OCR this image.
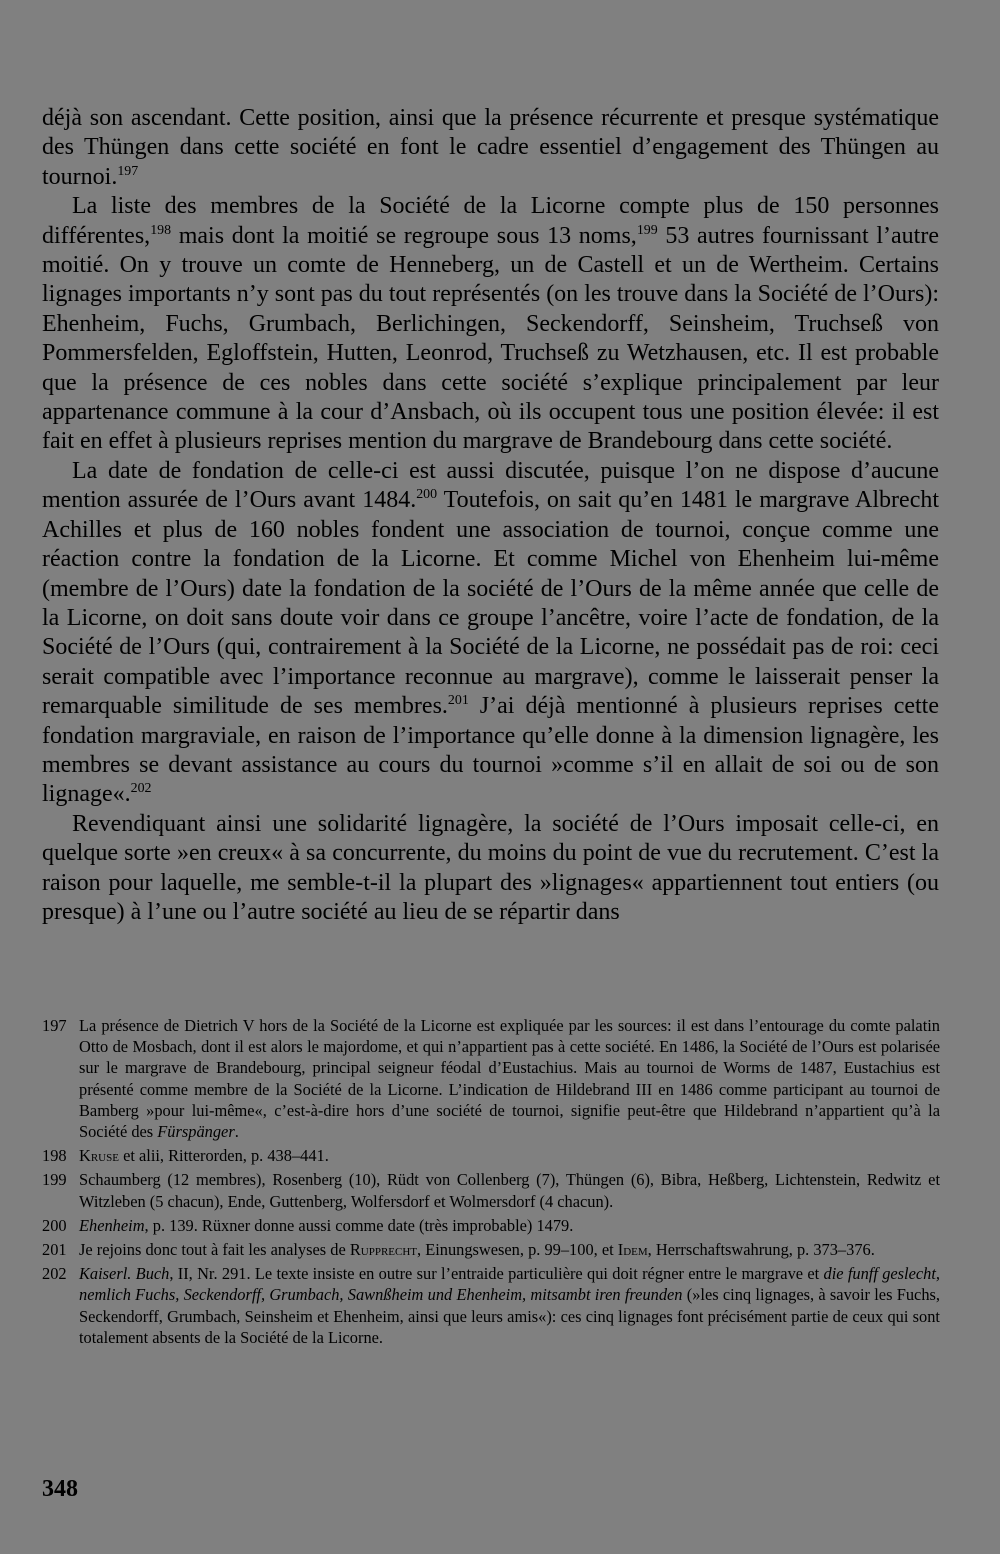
déjà son ascendant. Cette position, ainsi que la présence récurrente et presque systématique des Thüngen dans cette société en font le cadre essentiel d’engagement des Thüngen au tournoi.$^{197}$

La liste des membres de la Société de la Licorne compte plus de 150 personnes différentes,$^{198}$ mais dont la moitié se regroupe sous 13 noms,$^{199}$ 53 autres fournissant l’autre moitié. On y trouve un comte de Henneberg, un de Castell et un de Wertheim. Certains lignages importants n’y sont pas du tout représentés (on les trouve dans la Société de l’Ours): Ehenheim, Fuchs, Grumbach, Berlichingen, Seckendorff, Seinsheim, Truchseß von Pommersfelden, Egloffstein, Hutten, Leonrod, Truchseß zu Wetzhausen, etc. Il est probable que la présence de ces nobles dans cette société s’explique principalement par leur appartenance commune à la cour d’Ansbach, où ils occupent tous une position élevée: il est fait en effet à plusieurs reprises mention du margrave de Brandebourg dans cette société.

La date de fondation de celle-ci est aussi discutée, puisque l’on ne dispose d’aucune mention assurée de l’Ours avant 1484.$^{200}$ Toutefois, on sait qu’en 1481 le margrave Albrecht Achilles et plus de 160 nobles fondent une association de tournoi, conçue comme une réaction contre la fondation de la Licorne. Et comme Michel von Ehenheim lui-même (membre de l’Ours) date la fondation de la société de l’Ours de la même année que celle de la Licorne, on doit sans doute voir dans ce groupe l’ancêtre, voire l’acte de fondation, de la Société de l’Ours (qui, contrairement à la Société de la Licorne, ne possédait pas de roi: ceci serait compatible avec l’importance reconnue au margrave), comme le laisserait penser la remarquable similitude de ses membres.$^{201}$ J’ai déjà mentionné à plusieurs reprises cette fondation margraviale, en raison de l’importance qu’elle donne à la dimension lignagère, les membres se devant assistance au cours du tournoi »comme s’il en allait de soi ou de son lignage«.$^{202}$

Revendiquant ainsi une solidarité lignagère, la société de l’Ours imposait celle-ci, en quelque sorte »en creux« à sa concurrente, du moins du point de vue du recrutement. C’est la raison pour laquelle, me semble-t-il la plupart des »lignages« appartiennent tout entiers (ou presque) à l’une ou l’autre société au lieu de se répartir dans

197 La présence de Dietrich V hors de la Société de la Licorne est expliquée par les sources: il est dans l’entourage du comte palatin Otto de Mosbach, dont il est alors le majordome, et qui n’appartient pas à cette société. En 1486, la Société de l’Ours est polarisée sur le margrave de Brandebourg, principal seigneur féodal d’Eustachius. Mais au tournoi de Worms de 1487, Eustachius est présenté comme membre de la Société de la Licorne. L’indication de Hildebrand III en 1486 comme participant au tournoi de Bamberg »pour lui-même«, c’est-à-dire hors d’une société de tournoi, signifie peut-être que Hildebrand n’appartient qu’à la Société des Fürspänger.
198 Kruse et alii, Ritterorden, p. 438–441.
199 Schaumberg (12 membres), Rosenberg (10), Rüdt von Collenberg (7), Thüngen (6), Bibra, Heßberg, Lichtenstein, Redwitz et Witzleben (5 chacun), Ende, Guttenberg, Wolfersdorf et Wolmersdorf (4 chacun).
200 Ehenheim, p. 139. Rüxner donne aussi comme date (très improbable) 1479.
201 Je rejoins donc tout à fait les analyses de Rupprecht, Einungswesen, p. 99–100, et Idem, Herrschaftswahrung, p. 373–376.
202 Kaiserl. Buch, II, Nr. 291. Le texte insiste en outre sur l’entraide particulière qui doit régner entre le margrave et die funff geslecht, nemlich Fuchs, Seckendorff, Grumbach, Sawnßheim und Ehenheim, mitsambt iren freunden (»les cinq lignages, à savoir les Fuchs, Seckendorff, Grumbach, Seinsheim et Ehenheim, ainsi que leurs amis«): ces cinq lignages font précisément partie de ceux qui sont totalement absents de la Société de la Licorne.
348
